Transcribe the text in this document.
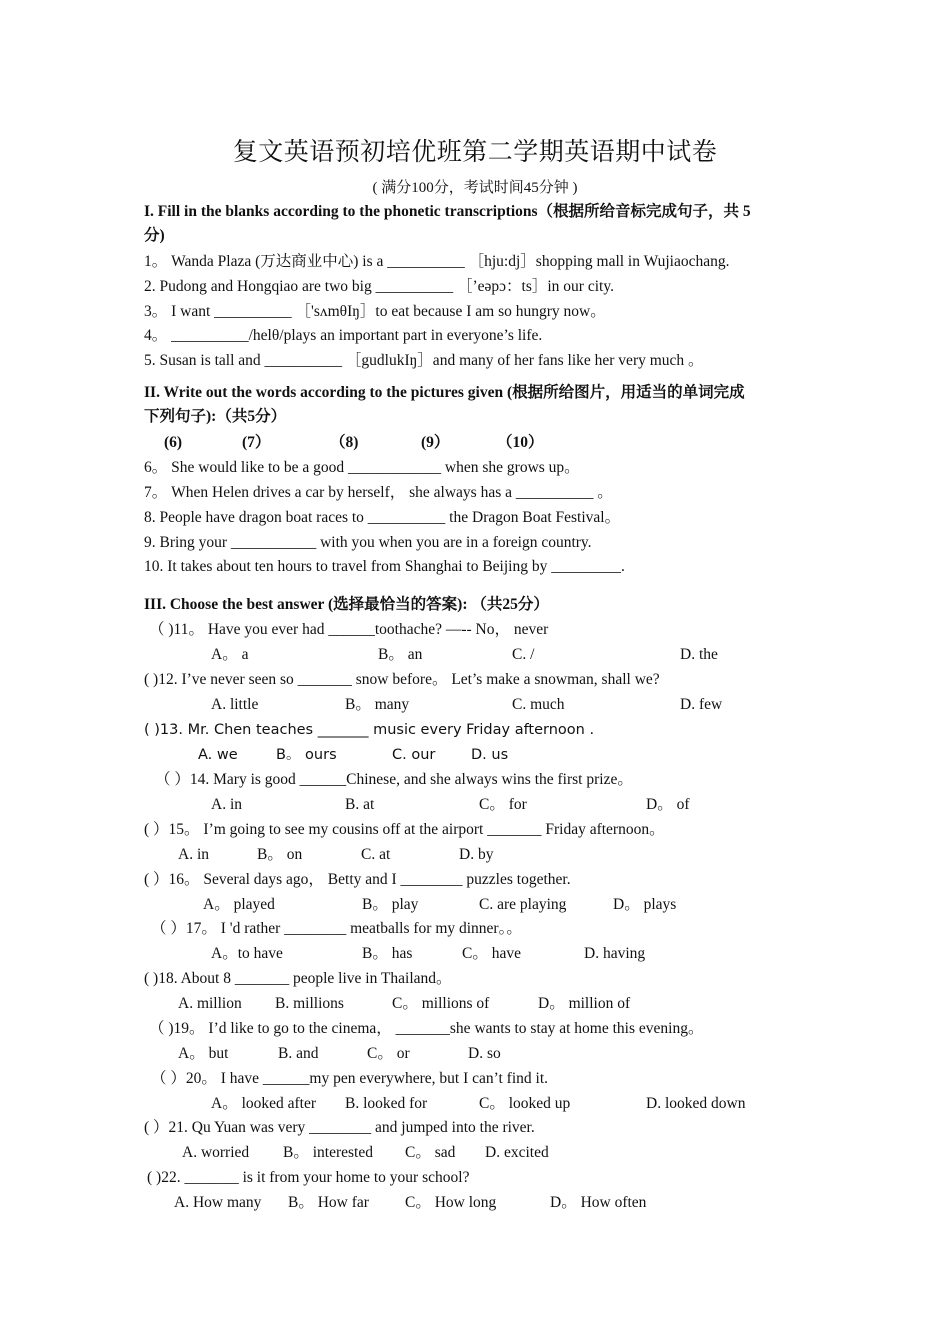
复文英语预初培优班第二学期英语期中试卷
( 满分100分，考试时间45分钟 )
I. Fill in the blanks according to the phonetic transcriptions（根据所给音标完成句子，共 5
分)
1。 Wanda Plaza (万达商业中心) is a __________ ［hju:dj］shopping mall in Wujiaochang.
2. Pudong and Hongqiao are two big __________ ［’eəpɔ：ts］in our city.
3。 I want __________ ［'sʌmθIŋ］to eat because I am so hungry now。
4。 __________/helθ/plays an important part in everyone’s life.
5. Susan is tall and __________ ［gudlukIŋ］and many of her fans like her very much 。
II. Write out the words according to the pictures given (根据所给图片，用适当的单词完成
下列句子):（共5分）
(6)	(7）	（8)	(9）	（10）
6。 She would like to be a good ____________ when she grows up。
7。 When Helen drives a car by herself， she always has a __________ 。
8. People have dragon boat races to __________ the Dragon Boat Festival。
9. Bring your ___________ with you when you are in a foreign country.
10. It takes about ten hours to travel from Shanghai to Beijing by _________.
III. Choose the best answer (选择最恰当的答案): （共25分）
（ )11。 Have you ever had ______toothache? —-- No， never
A。 a	B。 an	C. /	D. the
( )12. I’ve never seen so _______ snow before。 Let’s make a snowman, shall we?
A. little	B。 many	C. much	D. few
( )13. Mr. Chen teaches _______ music every Friday afternoon .
A. we	B。 ours	C. our D. us
（ ）14. Mary is good ______Chinese, and she always wins the first prize。
A. in	B. at	C。 for	D。 of
( ）15。 I’m going to see my cousins off at the airport _______ Friday afternoon。
A. in	B。 on	C. at	D. by
( ）16。 Several days ago， Betty and I ________ puzzles together.
A。 played	B。 play	C. are playing	D。 plays
（ ）17。 I 'd rather ________ meatballs for my dinner。。
A。to have	B。 has	C。 have	D. having
( )18. About 8 _______ people live in Thailand。
A. million B. millions	C。 millions of	D。 million of
（ )19。 I’d like to go to the cinema， _______she wants to stay at home this evening。
A。 but	B. and	C。 or	D. so
（ ）20。 I have ______my pen everywhere, but I can’t find it.
A。 looked after B. looked for	C。 looked up	D. looked down
( ）21. Qu Yuan was very ________ and jumped into the river.
A. worried B。 interested C。 sad D. excited
( )22. _______ is it from your home to your school?
A. How many B。 How far C。 How long	D。 How often
